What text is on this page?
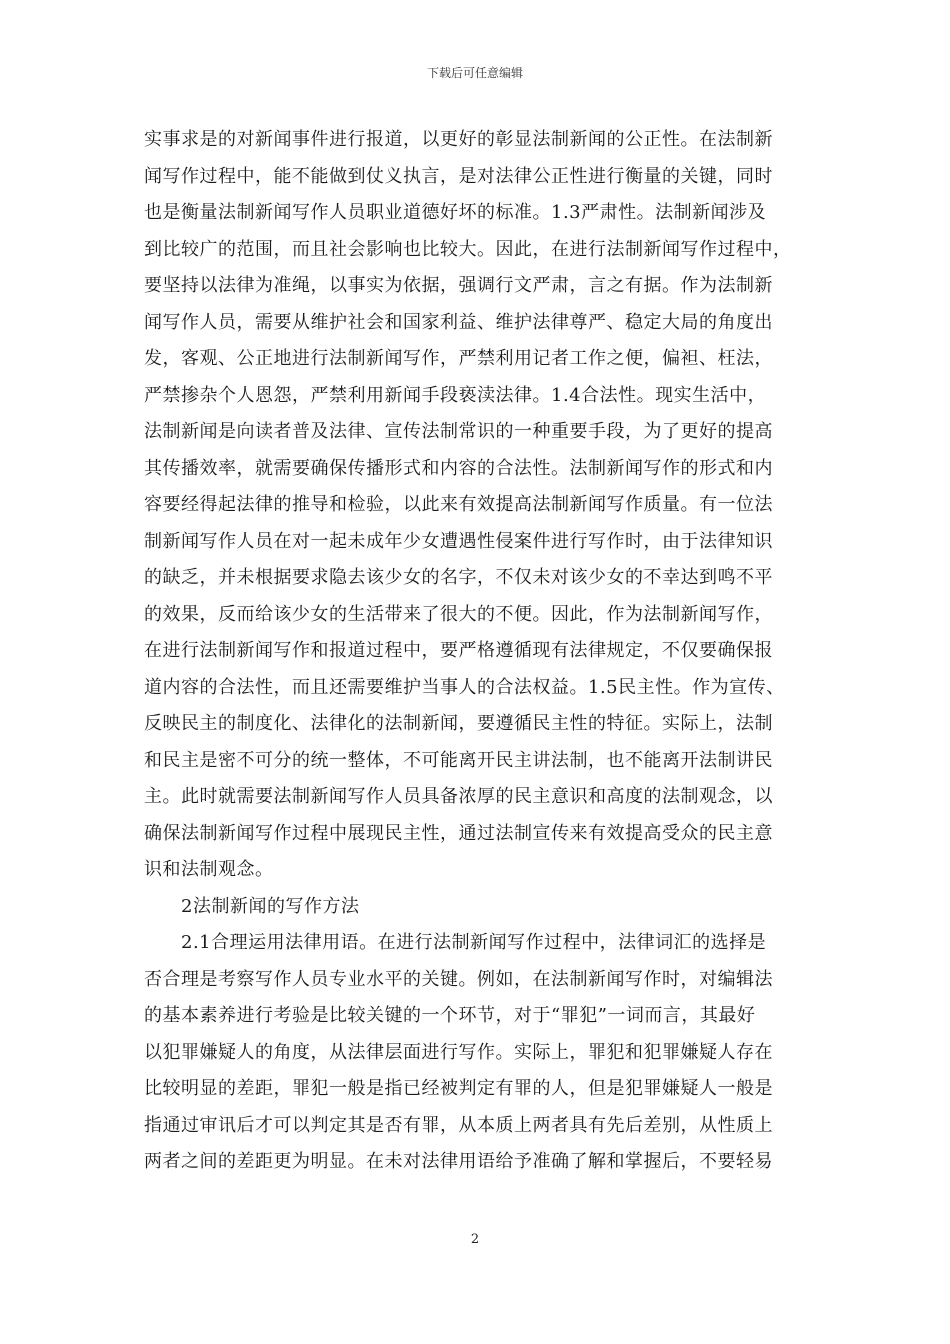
下载后可任意编辑
实事求是的对新闻事件进行报道，以更好的彰显法制新闻的公正性。在法制新
闻写作过程中，能不能做到仗义执言，是对法律公正性进行衡量的关键，同时
也是衡量法制新闻写作人员职业道德好坏的标准。1.3严肃性。法制新闻涉及
到比较广的范围，而且社会影响也比较大。因此，在进行法制新闻写作过程中，
要坚持以法律为准绳，以事实为依据，强调行文严肃，言之有据。作为法制新
闻写作人员，需要从维护社会和国家利益、维护法律尊严、稳定大局的角度出
发，客观、公正地进行法制新闻写作，严禁利用记者工作之便，偏袒、枉法，
严禁掺杂个人恩怨，严禁利用新闻手段亵渎法律。1.4合法性。现实生活中，
法制新闻是向读者普及法律、宣传法制常识的一种重要手段，为了更好的提高
其传播效率，就需要确保传播形式和内容的合法性。法制新闻写作的形式和内
容要经得起法律的推导和检验，以此来有效提高法制新闻写作质量。有一位法
制新闻写作人员在对一起未成年少女遭遇性侵案件进行写作时，由于法律知识
的缺乏，并未根据要求隐去该少女的名字，不仅未对该少女的不幸达到鸣不平
的效果，反而给该少女的生活带来了很大的不便。因此，作为法制新闻写作，
在进行法制新闻写作和报道过程中，要严格遵循现有法律规定，不仅要确保报
道内容的合法性，而且还需要维护当事人的合法权益。1.5民主性。作为宣传、
反映民主的制度化、法律化的法制新闻，要遵循民主性的特征。实际上，法制
和民主是密不可分的统一整体，不可能离开民主讲法制，也不能离开法制讲民
主。此时就需要法制新闻写作人员具备浓厚的民主意识和高度的法制观念，以
确保法制新闻写作过程中展现民主性，通过法制宣传来有效提高受众的民主意
识和法制观念。
　　2法制新闻的写作方法
　　2.1合理运用法律用语。在进行法制新闻写作过程中，法律词汇的选择是
否合理是考察写作人员专业水平的关键。例如，在法制新闻写作时，对编辑法
的基本素养进行考验是比较关键的一个环节，对于“罪犯”一词而言，其最好
以犯罪嫌疑人的角度，从法律层面进行写作。实际上，罪犯和犯罪嫌疑人存在
比较明显的差距，罪犯一般是指已经被判定有罪的人，但是犯罪嫌疑人一般是
指通过审讯后才可以判定其是否有罪，从本质上两者具有先后差别，从性质上
两者之间的差距更为明显。在未对法律用语给予准确了解和掌握后，不要轻易
2
